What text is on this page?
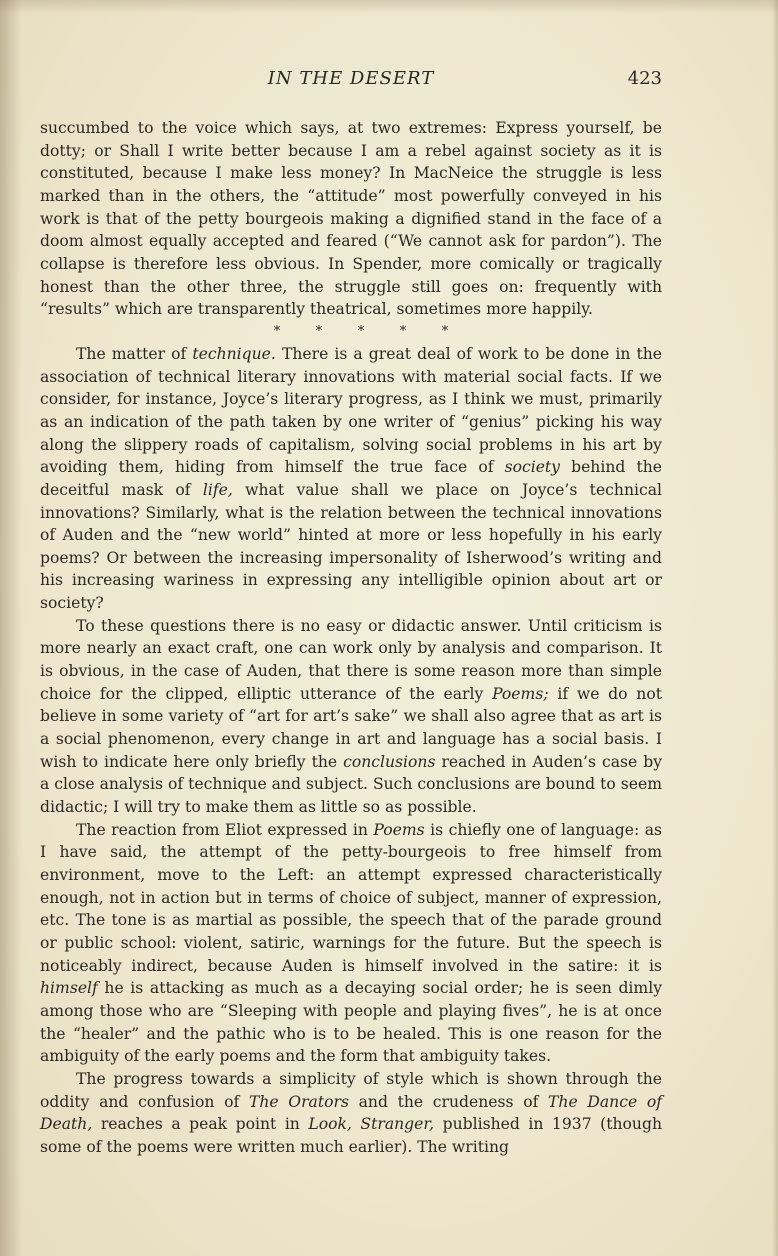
IN THE DESERT	423

succumbed to the voice which says, at two extremes: Express yourself, be dotty; or Shall I write better because I am a rebel against society as it is constituted, because I make less money? In MacNeice the struggle is less marked than in the others, the “attitude” most powerfully conveyed in his work is that of the petty bourgeois making a dignified stand in the face of a doom almost equally accepted and feared (“We cannot ask for pardon”). The collapse is therefore less obvious. In Spender, more comically or tragically honest than the other three, the struggle still goes on: frequently with “results” which are transparently theatrical, sometimes more happily.

*	*	*	*	*

The matter of technique. There is a great deal of work to be done in the association of technical literary innovations with material social facts. If we consider, for instance, Joyce’s literary progress, as I think we must, primarily as an indication of the path taken by one writer of “genius” picking his way along the slippery roads of capitalism, solving social problems in his art by avoiding them, hiding from himself the true face of society behind the deceitful mask of life, what value shall we place on Joyce’s technical innovations? Similarly, what is the relation between the technical innovations of Auden and the “new world” hinted at more or less hopefully in his early poems? Or between the increasing impersonality of Isherwood’s writing and his increasing wariness in expressing any intelligible opinion about art or society?

To these questions there is no easy or didactic answer. Until criticism is more nearly an exact craft, one can work only by analysis and comparison. It is obvious, in the case of Auden, that there is some reason more than simple choice for the clipped, elliptic utterance of the early Poems; if we do not believe in some variety of “art for art’s sake” we shall also agree that as art is a social phenomenon, every change in art and language has a social basis. I wish to indicate here only briefly the conclusions reached in Auden’s case by a close analysis of technique and subject. Such conclusions are bound to seem didactic; I will try to make them as little so as possible.

The reaction from Eliot expressed in Poems is chiefly one of language: as I have said, the attempt of the petty-bourgeois to free himself from environment, move to the Left: an attempt expressed characteristically enough, not in action but in terms of choice of subject, manner of expression, etc. The tone is as martial as possible, the speech that of the parade ground or public school: violent, satiric, warnings for the future. But the speech is noticeably indirect, because Auden is himself involved in the satire: it is himself he is attacking as much as a decaying social order; he is seen dimly among those who are “Sleeping with people and playing fives”, he is at once the “healer” and the pathic who is to be healed. This is one reason for the ambiguity of the early poems and the form that ambiguity takes.

The progress towards a simplicity of style which is shown through the oddity and confusion of The Orators and the crudeness of The Dance of Death, reaches a peak point in Look, Stranger, published in 1937 (though some of the poems were written much earlier). The writing
